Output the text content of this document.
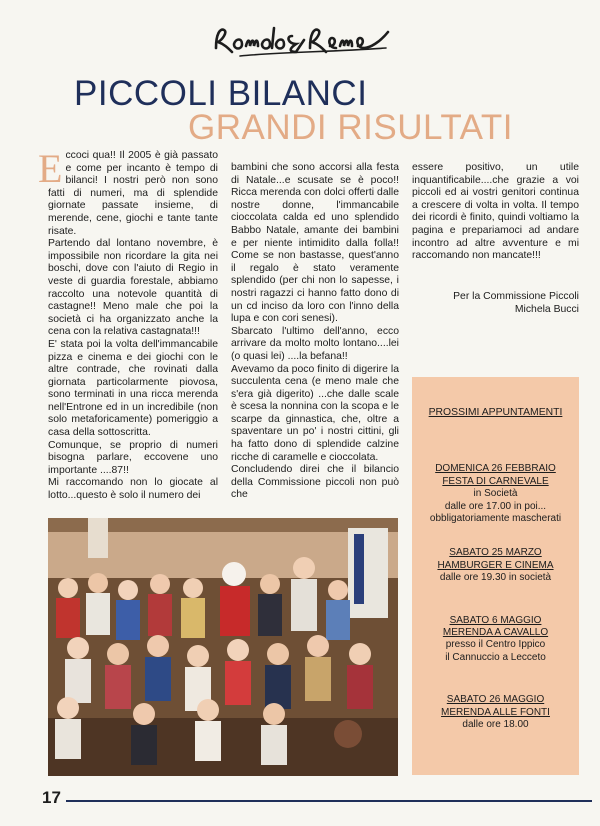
PICCOLI BILANCI
GRANDI RISULTATI
E ccoci qua!! Il 2005 è già passato e come per incanto è tempo di bilanci! I nostri però non sono fatti di numeri, ma di splendide giornate passate insieme, di merende, cene, giochi e tante tante risate.

Partendo dal lontano novembre, è impossibile non ricordare la gita nei boschi, dove con l'aiuto di Regio in veste di guardia forestale, abbiamo raccolto una notevole quantità di castagne!! Meno male che poi la società ci ha organizzato anche la cena con la relativa castagnata!!!

E' stata poi la volta dell'immancabile pizza e cinema e dei giochi con le altre contrade, che rovinati dalla giornata particolarmente piovosa, sono terminati in una ricca merenda nell'Entrone ed in un incredibile (non solo metaforicamente) pomeriggio a casa della sottoscritta.

Comunque, se proprio di numeri bisogna parlare, eccovene uno importante ....87!!

Mi raccomando non lo giocate al lotto...questo è solo il numero dei

bambini che sono accorsi alla festa di Natale...e scusate se è poco!! Ricca merenda con dolci offerti dalle nostre donne, l'immancabile cioccolata calda ed uno splendido Babbo Natale, amante dei bambini e per niente intimidito dalla folla!! Come se non bastasse, quest'anno il regalo è stato veramente splendido (per chi non lo sapesse, i nostri ragazzi ci hanno fatto dono di un cd inciso da loro con l'inno della lupa e con cori senesi).

Sbarcato l'ultimo dell'anno, ecco arrivare da molto molto lontano....lei (o quasi lei) ....la befana!!

Avevamo da poco finito di digerire la succulenta cena (e meno male che s'era già digerito) ...che dalle scale è scesa la nonnina con la scopa e le scarpe da ginnastica, che, oltre a spaventare un po' i nostri cittini, gli ha fatto dono di splendide calzine ricche di caramelle e cioccolata.

Concludendo direi che il bilancio della Commissione piccoli non può che

essere positivo, un utile inquantificabile....che grazie a voi piccoli ed ai vostri genitori continua a crescere di volta in volta. Il tempo dei ricordi è finito, quindi voltiamo la pagina e prepariamoci ad andare incontro ad altre avventure e mi raccomando non mancate!!!

Per la Commissione Piccoli
Michela Bucci
PROSSIMI APPUNTAMENTI
DOMENICA 26 FEBBRAIO
FESTA DI CARNEVALE
in Società
dalle ore 17.00 in poi...
obbligatoriamente mascherati
SABATO 25 MARZO
HAMBURGER E CINEMA
dalle ore 19.30 in società
SABATO 6 MAGGIO
MERENDA A CAVALLO
presso il Centro Ippico
il Cannuccio a Lecceto
SABATO 26 MAGGIO
MERENDA ALLE FONTI
dalle ore 18.00
17
